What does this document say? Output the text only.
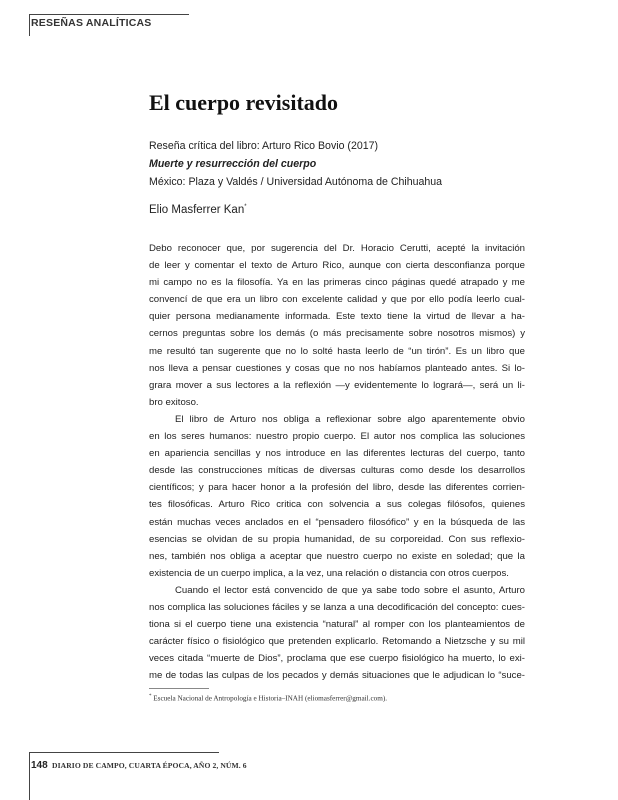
RESEÑAS ANALÍTICAS
El cuerpo revisitado
Reseña crítica del libro: Arturo Rico Bovio (2017)
Muerte y resurrección del cuerpo
México: Plaza y Valdés / Universidad Autónoma de Chihuahua
Elio Masferrer Kan*
Debo reconocer que, por sugerencia del Dr. Horacio Cerutti, acepté la invitación
de leer y comentar el texto de Arturo Rico, aunque con cierta desconfianza porque
mi campo no es la filosofía. Ya en las primeras cinco páginas quedé atrapado y me
convencí de que era un libro con excelente calidad y que por ello podía leerlo cual-
quier persona medianamente informada. Este texto tiene la virtud de llevar a ha-
cernos preguntas sobre los demás (o más precisamente sobre nosotros mismos) y
me resultó tan sugerente que no lo solté hasta leerlo de “un tirón”. Es un libro que
nos lleva a pensar cuestiones y cosas que no nos habíamos planteado antes. Si lo-
grara mover a sus lectores a la reflexión —y evidentemente lo logrará—, será un li-
bro exitoso.
El libro de Arturo nos obliga a reflexionar sobre algo aparentemente obvio
en los seres humanos: nuestro propio cuerpo. El autor nos complica las soluciones
en apariencia sencillas y nos introduce en las diferentes lecturas del cuerpo, tanto
desde las construcciones míticas de diversas culturas como desde los desarrollos
científicos; y para hacer honor a la profesión del libro, desde las diferentes corrien-
tes filosóficas. Arturo Rico critica con solvencia a sus colegas filósofos, quienes
están muchas veces anclados en el “pensadero filosófico” y en la búsqueda de las
esencias se olvidan de su propia humanidad, de su corporeidad. Con sus reflexio-
nes, también nos obliga a aceptar que nuestro cuerpo no existe en soledad; que la
existencia de un cuerpo implica, a la vez, una relación o distancia con otros cuerpos.
Cuando el lector está convencido de que ya sabe todo sobre el asunto, Arturo
nos complica las soluciones fáciles y se lanza a una decodificación del concepto: cues-
tiona si el cuerpo tiene una existencia “natural” al romper con los planteamientos de
carácter físico o fisiológico que pretenden explicarlo. Retomando a Nietzsche y su mil
veces citada “muerte de Dios”, proclama que ese cuerpo fisiológico ha muerto, lo exi-
me de todas las culpas de los pecados y demás situaciones que le adjudican lo “suce-
* Escuela Nacional de Antropología e Historia–INAH (eliomasferrer@gmail.com).
148 DIARIO DE CAMPO, CUARTA ÉPOCA, AÑO 2, NÚM. 6
